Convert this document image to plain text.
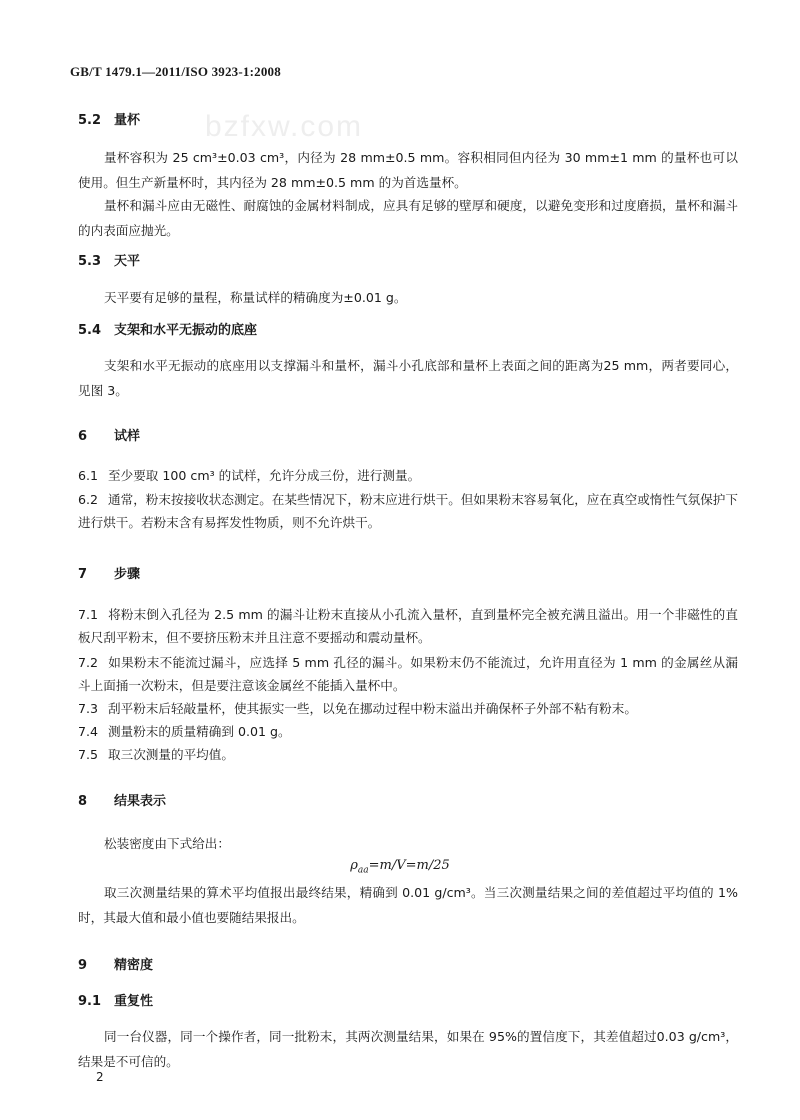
bzfxw.com
GB/T 1479.1—2011/ISO 3923-1:2008
5.2 量杯
量杯容积为 25 cm³±0.03 cm³，内径为 28 mm±0.5 mm。容积相同但内径为 30 mm±1 mm 的量杯也可以使用。但生产新量杯时，其内径为 28 mm±0.5 mm 的为首选量杯。
量杯和漏斗应由无磁性、耐腐蚀的金属材料制成，应具有足够的壁厚和硬度，以避免变形和过度磨损，量杯和漏斗的内表面应抛光。
5.3 天平
天平要有足够的量程，称量试样的精确度为±0.01 g。
5.4 支架和水平无振动的底座
支架和水平无振动的底座用以支撑漏斗和量杯，漏斗小孔底部和量杯上表面之间的距离为25 mm，两者要同心，见图 3。
6 试样
6.1 至少要取 100 cm³ 的试样，允许分成三份，进行测量。
6.2 通常，粉末按接收状态测定。在某些情况下，粉末应进行烘干。但如果粉末容易氧化，应在真空或惰性气氛保护下进行烘干。若粉末含有易挥发性物质，则不允许烘干。
7 步骤
7.1 将粉末倒入孔径为 2.5 mm 的漏斗让粉末直接从小孔流入量杯，直到量杯完全被充满且溢出。用一个非磁性的直板尺刮平粉末，但不要挤压粉末并且注意不要摇动和震动量杯。
7.2 如果粉末不能流过漏斗，应选择 5 mm 孔径的漏斗。如果粉末仍不能流过，允许用直径为 1 mm 的金属丝从漏斗上面捅一次粉末，但是要注意该金属丝不能插入量杯中。
7.3 刮平粉末后轻敲量杯，使其振实一些，以免在挪动过程中粉末溢出并确保杯子外部不粘有粉末。
7.4 测量粉末的质量精确到 0.01 g。
7.5 取三次测量的平均值。
8 结果表示
松装密度由下式给出：
$\rho_{aa}=m/V=m/25$
取三次测量结果的算术平均值报出最终结果，精确到 0.01 g/cm³。当三次测量结果之间的差值超过平均值的 1%时，其最大值和最小值也要随结果报出。
9 精密度
9.1 重复性
同一台仪器，同一个操作者，同一批粉末，其两次测量结果，如果在 95%的置信度下，其差值超过0.03 g/cm³，结果是不可信的。
2
